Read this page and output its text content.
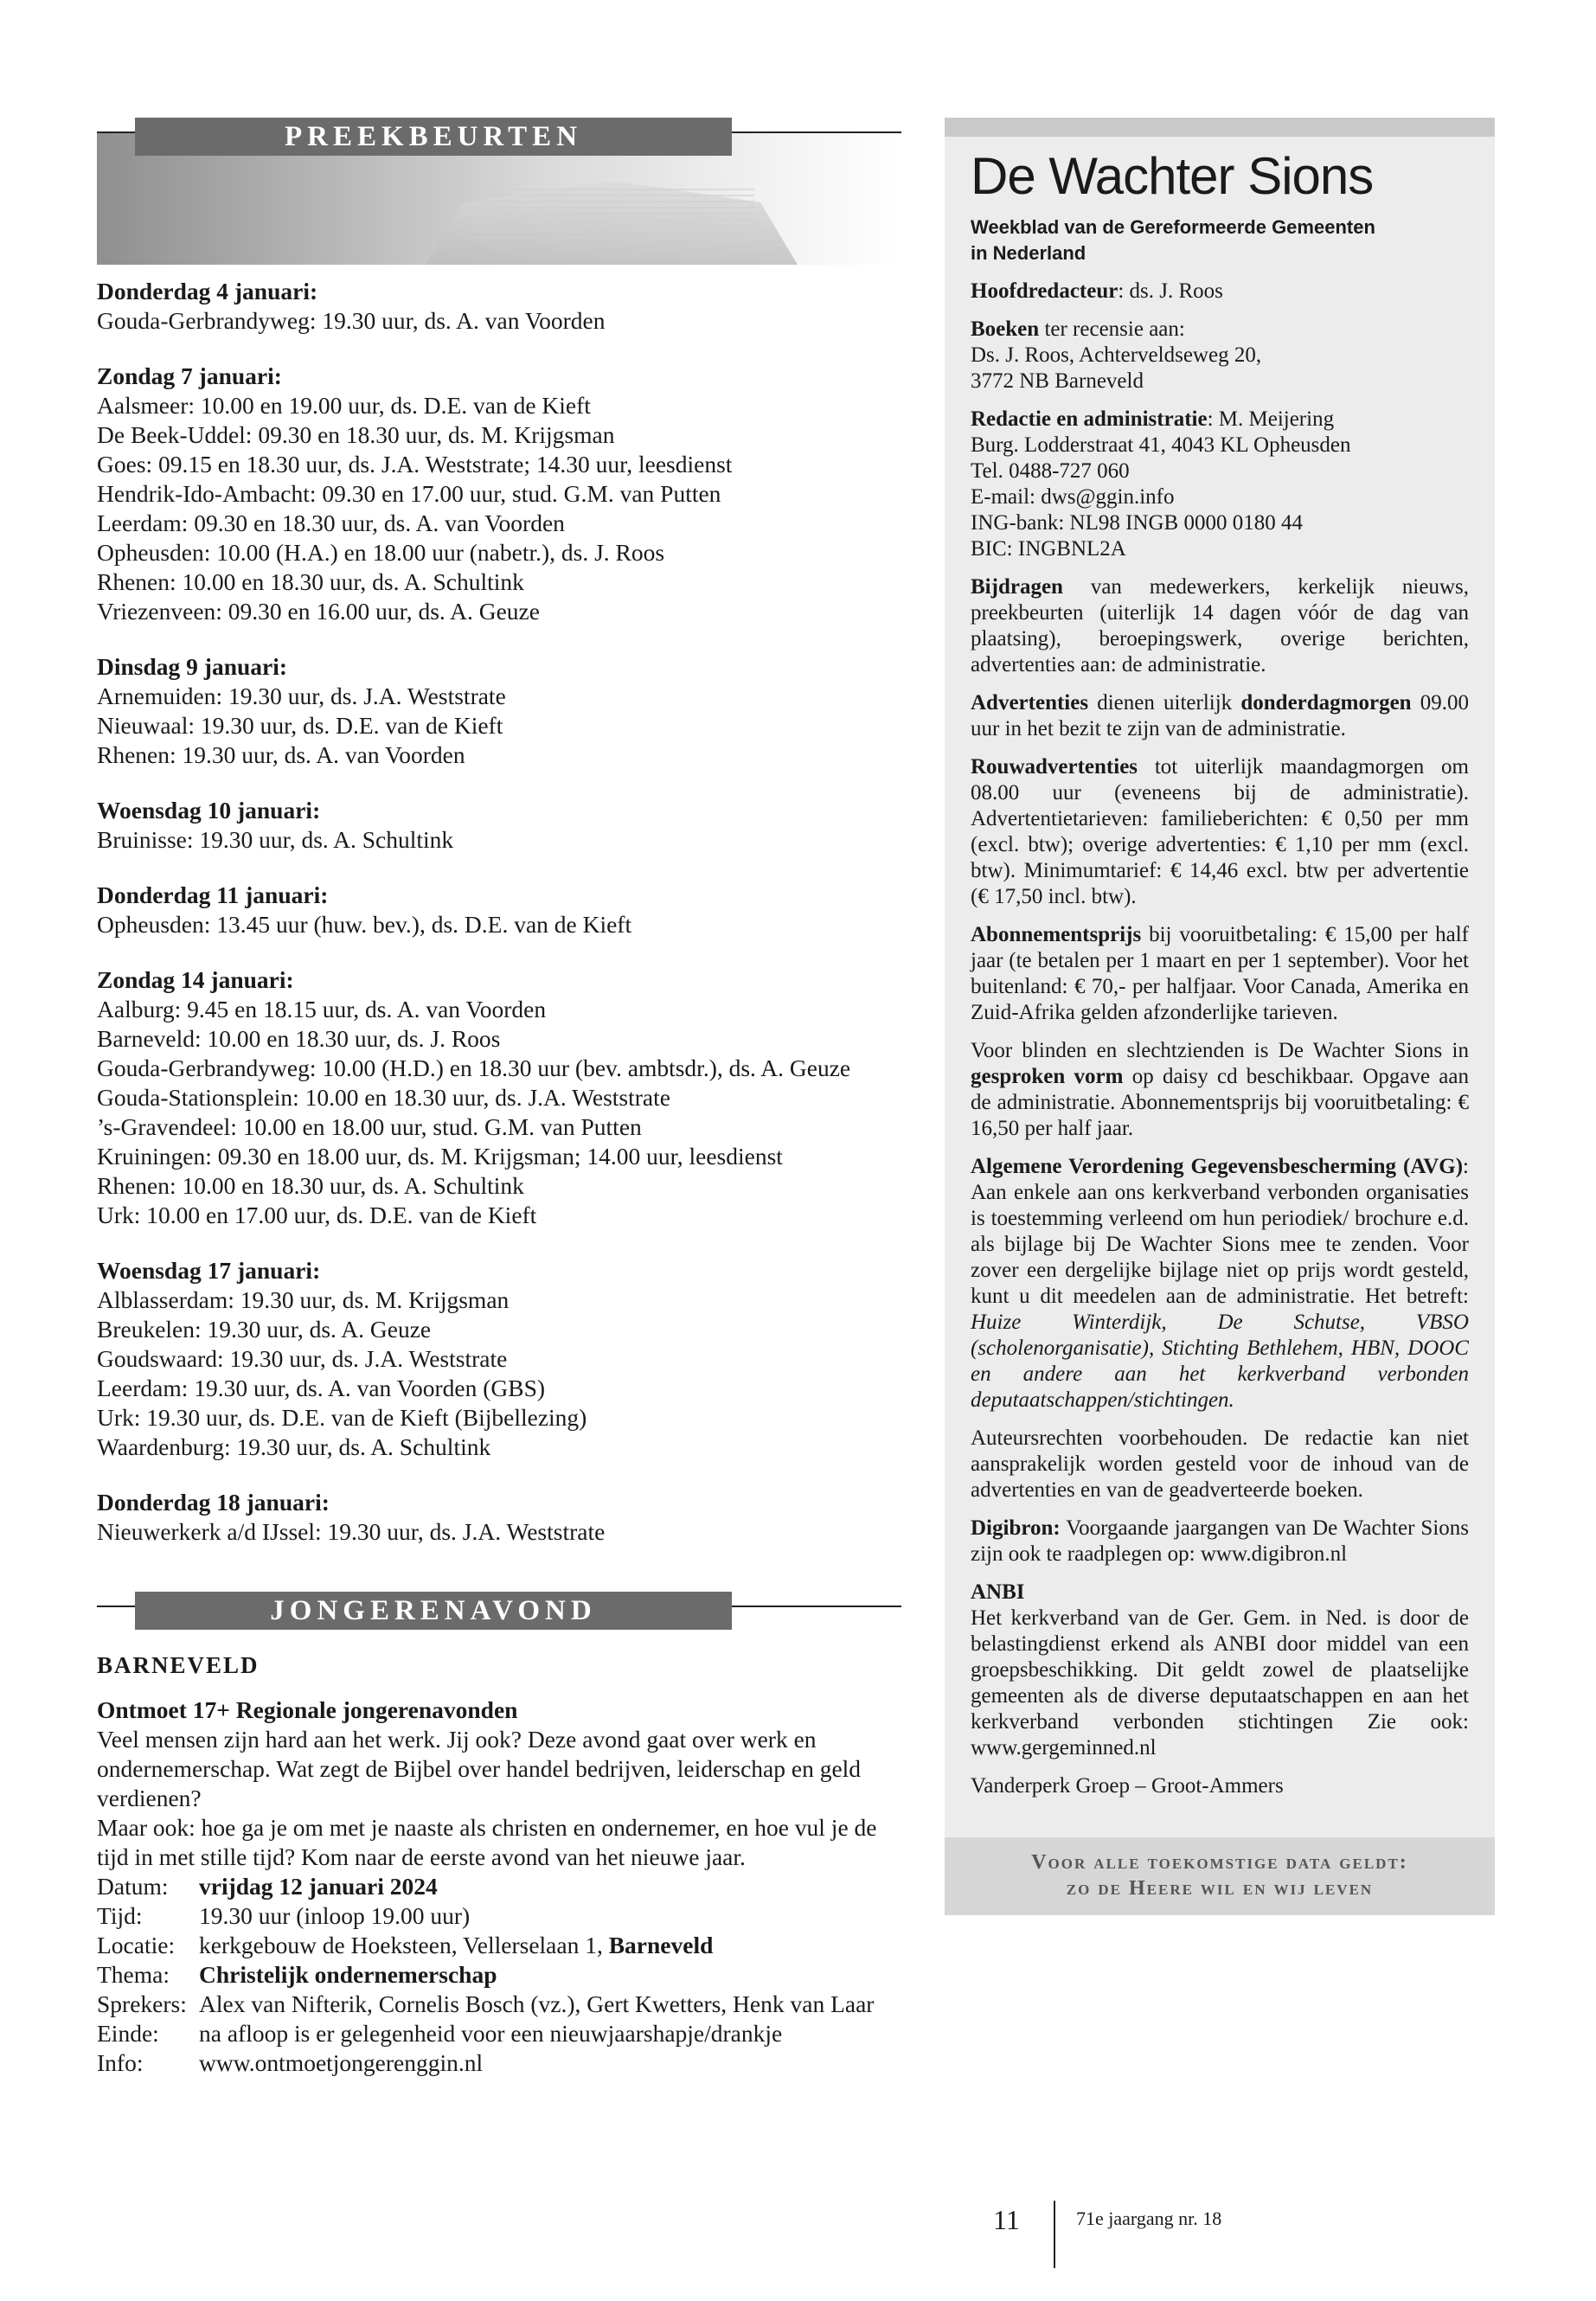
PREEKBEURTEN
Donderdag 4 januari:
Gouda-Gerbrandyweg: 19.30 uur, ds. A. van Voorden
Zondag 7 januari:
Aalsmeer: 10.00 en 19.00 uur, ds. D.E. van de Kieft
De Beek-Uddel: 09.30 en 18.30 uur, ds. M. Krijgsman
Goes: 09.15 en 18.30 uur, ds. J.A. Weststrate; 14.30 uur, leesdienst
Hendrik-Ido-Ambacht: 09.30 en 17.00 uur, stud. G.M. van Putten
Leerdam: 09.30 en 18.30 uur, ds. A. van Voorden
Opheusden: 10.00 (H.A.) en 18.00 uur (nabetr.), ds. J. Roos
Rhenen: 10.00 en 18.30 uur, ds. A. Schultink
Vriezenveen: 09.30 en 16.00 uur, ds. A. Geuze
Dinsdag 9 januari:
Arnemuiden: 19.30 uur, ds. J.A. Weststrate
Nieuwaal: 19.30 uur, ds. D.E. van de Kieft
Rhenen: 19.30 uur, ds. A. van Voorden
Woensdag 10 januari:
Bruinisse: 19.30 uur, ds. A. Schultink
Donderdag 11 januari:
Opheusden: 13.45 uur (huw. bev.), ds. D.E. van de Kieft
Zondag 14 januari:
Aalburg: 9.45 en 18.15 uur, ds. A. van Voorden
Barneveld: 10.00 en 18.30 uur, ds. J. Roos
Gouda-Gerbrandyweg: 10.00 (H.D.) en 18.30 uur (bev. ambtsdr.), ds. A. Geuze
Gouda-Stationsplein: 10.00 en 18.30 uur, ds. J.A. Weststrate
’s-Gravendeel: 10.00 en 18.00 uur, stud. G.M. van Putten
Kruiningen: 09.30 en 18.00 uur, ds. M. Krijgsman; 14.00 uur, leesdienst
Rhenen: 10.00 en 18.30 uur, ds. A. Schultink
Urk: 10.00 en 17.00 uur, ds. D.E. van de Kieft
Woensdag 17 januari:
Alblasserdam: 19.30 uur, ds. M. Krijgsman
Breukelen: 19.30 uur, ds. A. Geuze
Goudswaard: 19.30 uur, ds. J.A. Weststrate
Leerdam: 19.30 uur, ds. A. van Voorden (GBS)
Urk: 19.30 uur, ds. D.E. van de Kieft (Bijbellezing)
Waardenburg: 19.30 uur, ds. A. Schultink
Donderdag 18 januari:
Nieuwerkerk a/d IJssel: 19.30 uur, ds. J.A. Weststrate
JONGERENAVOND
BARNEVELD
Ontmoet 17+ Regionale jongerenavonden
Veel mensen zijn hard aan het werk. Jij ook? Deze avond gaat over werk en ondernemerschap. Wat zegt de Bijbel over handel bedrijven, leiderschap en geld verdienen?
Maar ook: hoe ga je om met je naaste als christen en ondernemer, en hoe vul je de tijd in met stille tijd? Kom naar de eerste avond van het nieuwe jaar.
Datum:	vrijdag 12 januari 2024
Tijd:	19.30 uur (inloop 19.00 uur)
Locatie:	kerkgebouw de Hoeksteen, Vellerselaan 1, Barneveld
Thema:	Christelijk ondernemerschap
Sprekers: Alex van Nifterik, Cornelis Bosch (vz.), Gert Kwetters, Henk van Laar
Einde:	na afloop is er gelegenheid voor een nieuwjaarshapje/drankje
Info:	www.ontmoetjongerenggin.nl
De Wachter Sions
Weekblad van de Gereformeerde Gemeenten
in Nederland
Hoofdredacteur: ds. J. Roos
Boeken ter recensie aan:
Ds. J. Roos, Achterveldseweg 20,
3772 NB Barneveld
Redactie en administratie: M. Meijering
Burg. Lodderstraat 41, 4043 KL Opheusden
Tel. 0488-727 060
E-mail: dws@ggin.info
ING-bank: NL98 INGB 0000 0180 44
BIC: INGBNL2A
Bijdragen van medewerkers, kerkelijk nieuws, preekbeurten (uiterlijk 14 dagen vóór de dag van plaatsing), beroepingswerk, overige berichten, advertenties aan: de administratie.
Advertenties dienen uiterlijk donderdagmorgen 09.00 uur in het bezit te zijn van de administratie.
Rouwadvertenties tot uiterlijk maandagmorgen om 08.00 uur (eveneens bij de administratie). Advertentietarieven: familieberichten: € 0,50 per mm (excl. btw); overige advertenties: € 1,10 per mm (excl. btw). Minimumtarief: € 14,46 excl. btw per advertentie (€ 17,50 incl. btw).
Abonnementsprijs bij vooruitbetaling: € 15,00 per half jaar (te betalen per 1 maart en per 1 september). Voor het buitenland: € 70,- per halfjaar. Voor Canada, Amerika en Zuid-Afrika gelden afzonderlijke tarieven.
Voor blinden en slechtzienden is De Wachter Sions in gesproken vorm op daisy cd beschikbaar. Opgave aan de administratie. Abonnementsprijs bij vooruitbetaling: € 16,50 per half jaar.
Algemene Verordening Gegevensbescherming (AVG): Aan enkele aan ons kerkverband verbonden organisaties is toestemming verleend om hun periodiek/ brochure e.d. als bijlage bij De Wachter Sions mee te zenden. Voor zover een dergelijke bijlage niet op prijs wordt gesteld, kunt u dit meedelen aan de administratie. Het betreft: Huize Winterdijk, De Schutse, VBSO (scholenorganisatie), Stichting Bethlehem, HBN, DOOC en andere aan het kerkverband verbonden deputaatschappen/stichtingen.
Auteursrechten voorbehouden. De redactie kan niet aansprakelijk worden gesteld voor de inhoud van de advertenties en van de geadverteerde boeken.
Digibron: Voorgaande jaargangen van De Wachter Sions zijn ook te raadplegen op: www.digibron.nl
ANBI
Het kerkverband van de Ger. Gem. in Ned. is door de belastingdienst erkend als ANBI door middel van een groepsbeschikking. Dit geldt zowel de plaatselijke gemeenten als de diverse deputaatschappen en aan het kerkverband verbonden stichtingen Zie ook: www.gergeminned.nl
Vanderperk Groep – Groot-Ammers
Voor alle toekomstige data geldt:
zo de Heere wil en wij leven
11	71e jaargang nr. 18
